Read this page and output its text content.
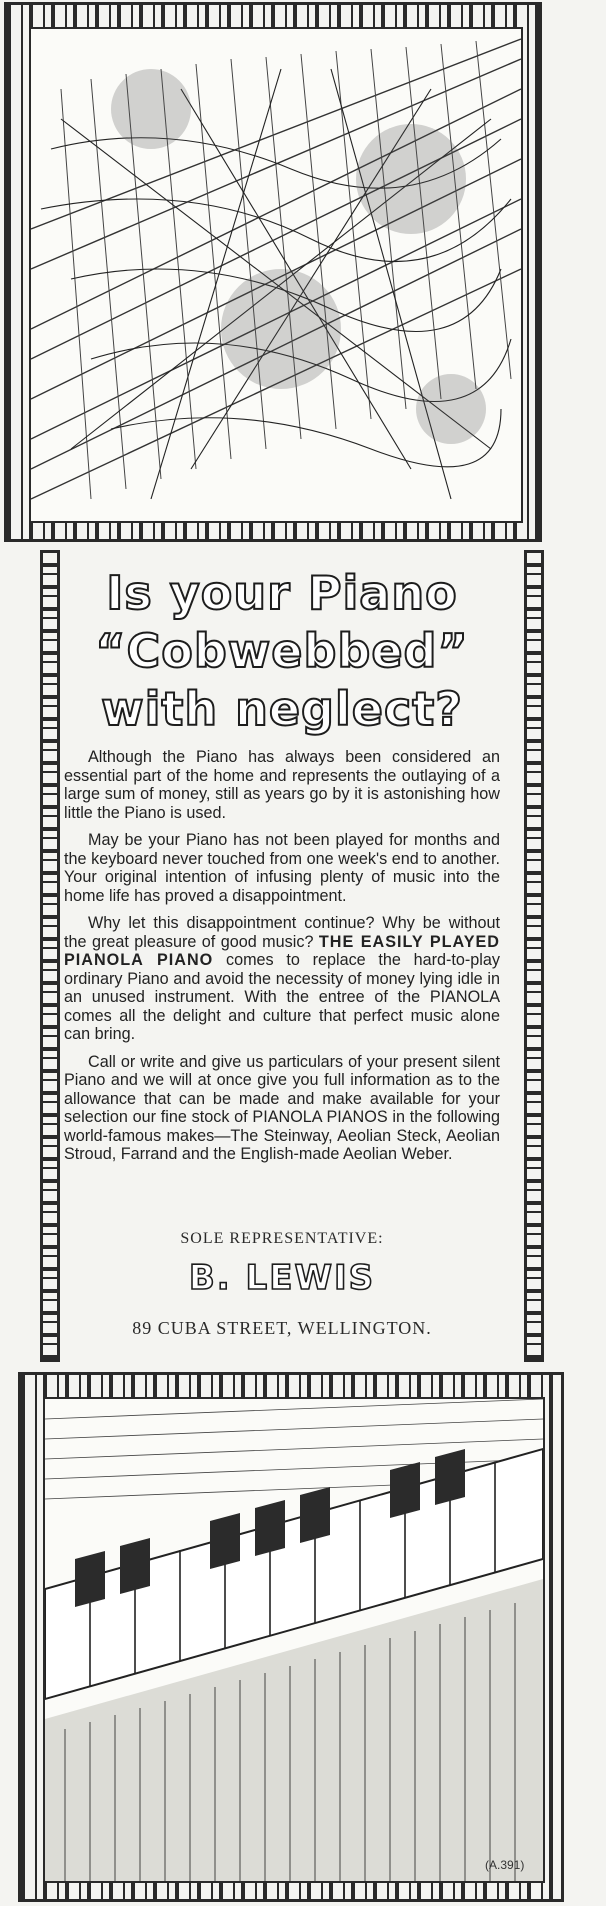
Is your Piano
“Cobwebbed”
with neglect?

Although the Piano has always been considered an essential part of the home and represents the outlaying of a large sum of money, still as years go by it is astonishing how little the Piano is used.

May be your Piano has not been played for months and the keyboard never touched from one week's end to another. Your original intention of infusing plenty of music into the home life has proved a disappointment.

Why let this disappointment continue? Why be without the great pleasure of good music? THE EASILY PLAYED PIANOLA PIANO comes to replace the hard-to-play ordinary Piano and avoid the necessity of money lying idle in an unused instrument. With the entree of the PIANOLA comes all the delight and culture that perfect music alone can bring.

Call or write and give us particulars of your present silent Piano and we will at once give you full information as to the allowance that can be made and make available for your selection our fine stock of PIANOLA PIANOS in the following world-famous makes—The Steinway, Aeolian Steck, Aeolian Stroud, Farrand and the English-made Aeolian Weber.

SOLE REPRESENTATIVE:
B. LEWIS
89 CUBA STREET, WELLINGTON.
(A.391)
